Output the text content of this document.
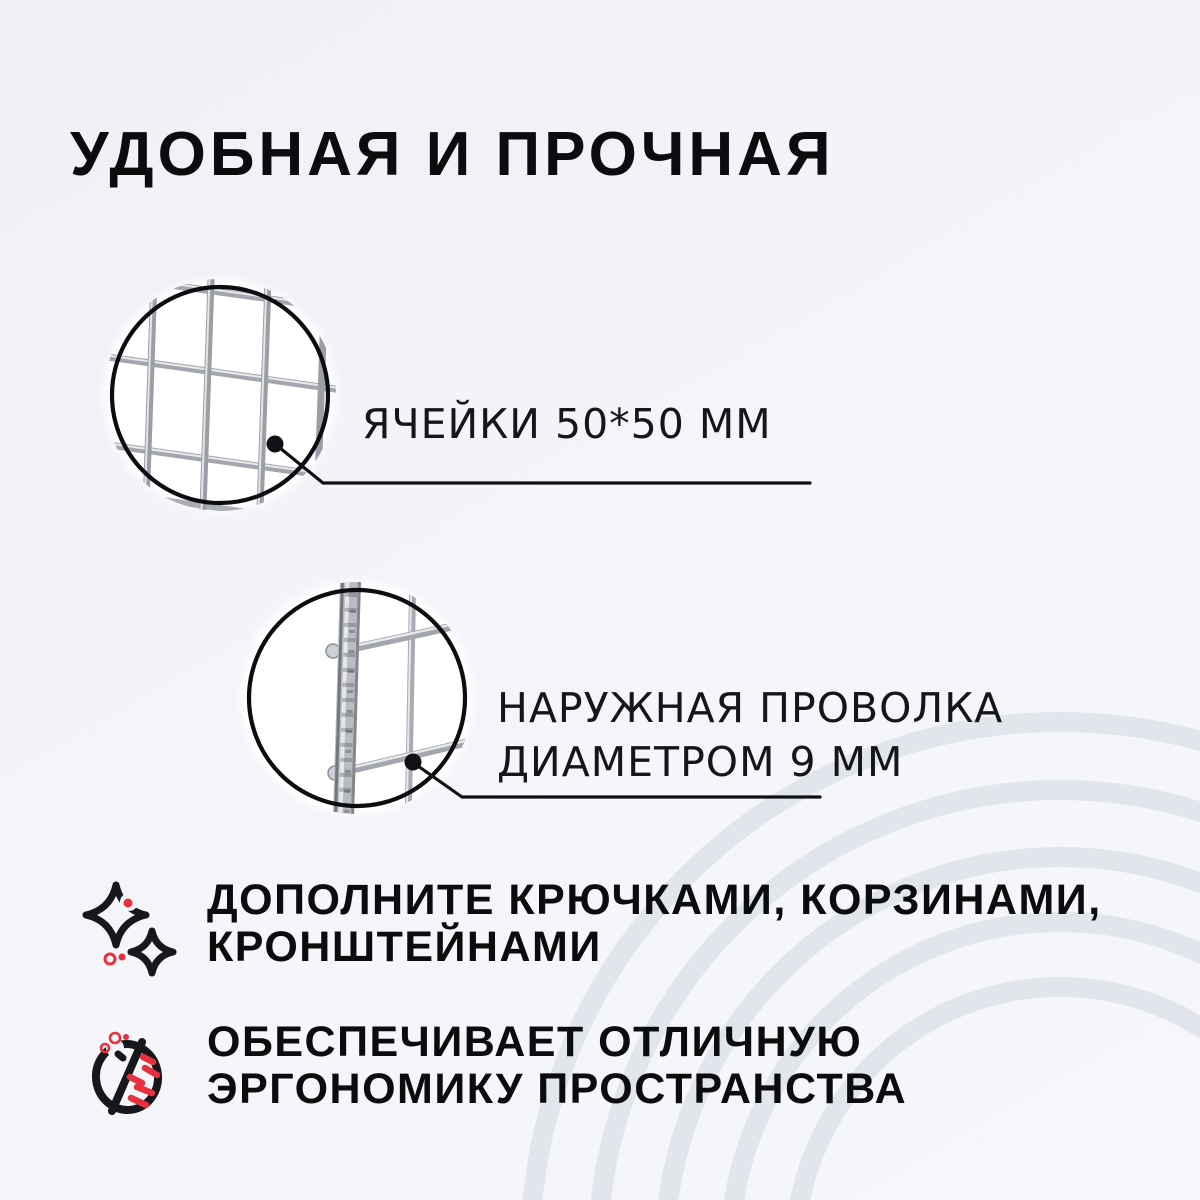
УДОБНАЯ И ПРОЧНАЯ
ЯЧЕЙКИ 50*50 ММ
НАРУЖНАЯ ПРОВОЛКА
ДИАМЕТРОМ 9 ММ
ДОПОЛНИТЕ КРЮЧКАМИ, КОРЗИНАМИ,
КРОНШТЕЙНАМИ
ОБЕСПЕЧИВАЕТ ОТЛИЧНУЮ
ЭРГОНОМИКУ ПРОСТРАНСТВА
